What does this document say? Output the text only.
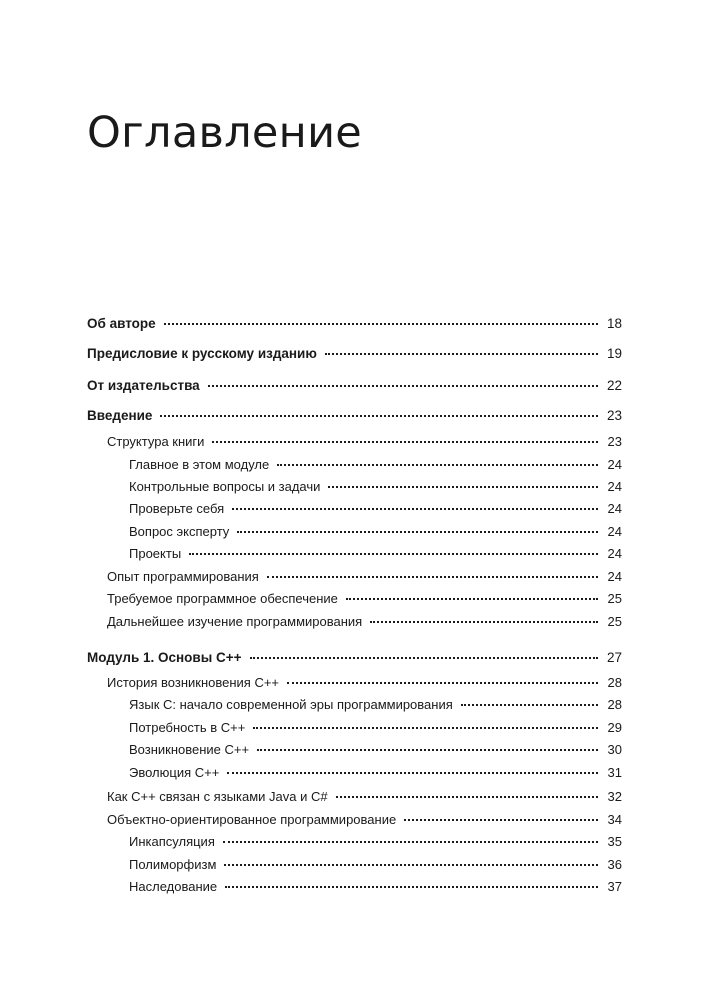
Оглавление
Об авторе	18
Предисловие к русскому изданию	19
От издательства	22
Введение	23
Структура книги	23
Главное в этом модуле	24
Контрольные вопросы и задачи	24
Проверьте себя	24
Вопрос эксперту	24
Проекты	24
Опыт программирования	24
Требуемое программное обеспечение	25
Дальнейшее изучение программирования	25
Модуль 1. Основы С++	27
История возникновения С++	28
Язык С: начало современной эры программирования	28
Потребность в С++	29
Возникновение С++	30
Эволюция С++	31
Как С++ связан с языками Java и C#	32
Объектно-ориентированное программирование	34
Инкапсуляция	35
Полиморфизм	36
Наследование	37
